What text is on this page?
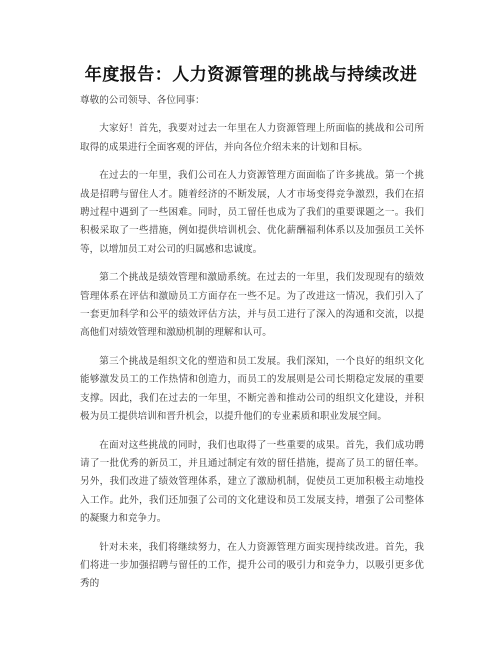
年度报告：人力资源管理的挑战与持续改进

尊敬的公司领导、各位同事：

大家好！首先，我要对过去一年里在人力资源管理上所面临的挑战和公司所取得的成果进行全面客观的评估，并向各位介绍未来的计划和目标。

在过去的一年里，我们公司在人力资源管理方面面临了许多挑战。第一个挑战是招聘与留住人才。随着经济的不断发展，人才市场变得竞争激烈，我们在招聘过程中遇到了一些困难。同时，员工留任也成为了我们的重要课题之一。我们积极采取了一些措施，例如提供培训机会、优化薪酬福利体系以及加强员工关怀等，以增加员工对公司的归属感和忠诚度。

第二个挑战是绩效管理和激励系统。在过去的一年里，我们发现现有的绩效管理体系在评估和激励员工方面存在一些不足。为了改进这一情况，我们引入了一套更加科学和公平的绩效评估方法，并与员工进行了深入的沟通和交流，以提高他们对绩效管理和激励机制的理解和认可。

第三个挑战是组织文化的塑造和员工发展。我们深知，一个良好的组织文化能够激发员工的工作热情和创造力，而员工的发展则是公司长期稳定发展的重要支撑。因此，我们在过去的一年里，不断完善和推动公司的组织文化建设，并积极为员工提供培训和晋升机会，以提升他们的专业素质和职业发展空间。

在面对这些挑战的同时，我们也取得了一些重要的成果。首先，我们成功聘请了一批优秀的新员工，并且通过制定有效的留任措施，提高了员工的留任率。另外，我们改进了绩效管理体系，建立了激励机制，促使员工更加积极主动地投入工作。此外，我们还加强了公司的文化建设和员工发展支持，增强了公司整体的凝聚力和竞争力。

针对未来，我们将继续努力，在人力资源管理方面实现持续改进。首先，我们将进一步加强招聘与留任的工作，提升公司的吸引力和竞争力，以吸引更多优秀的
